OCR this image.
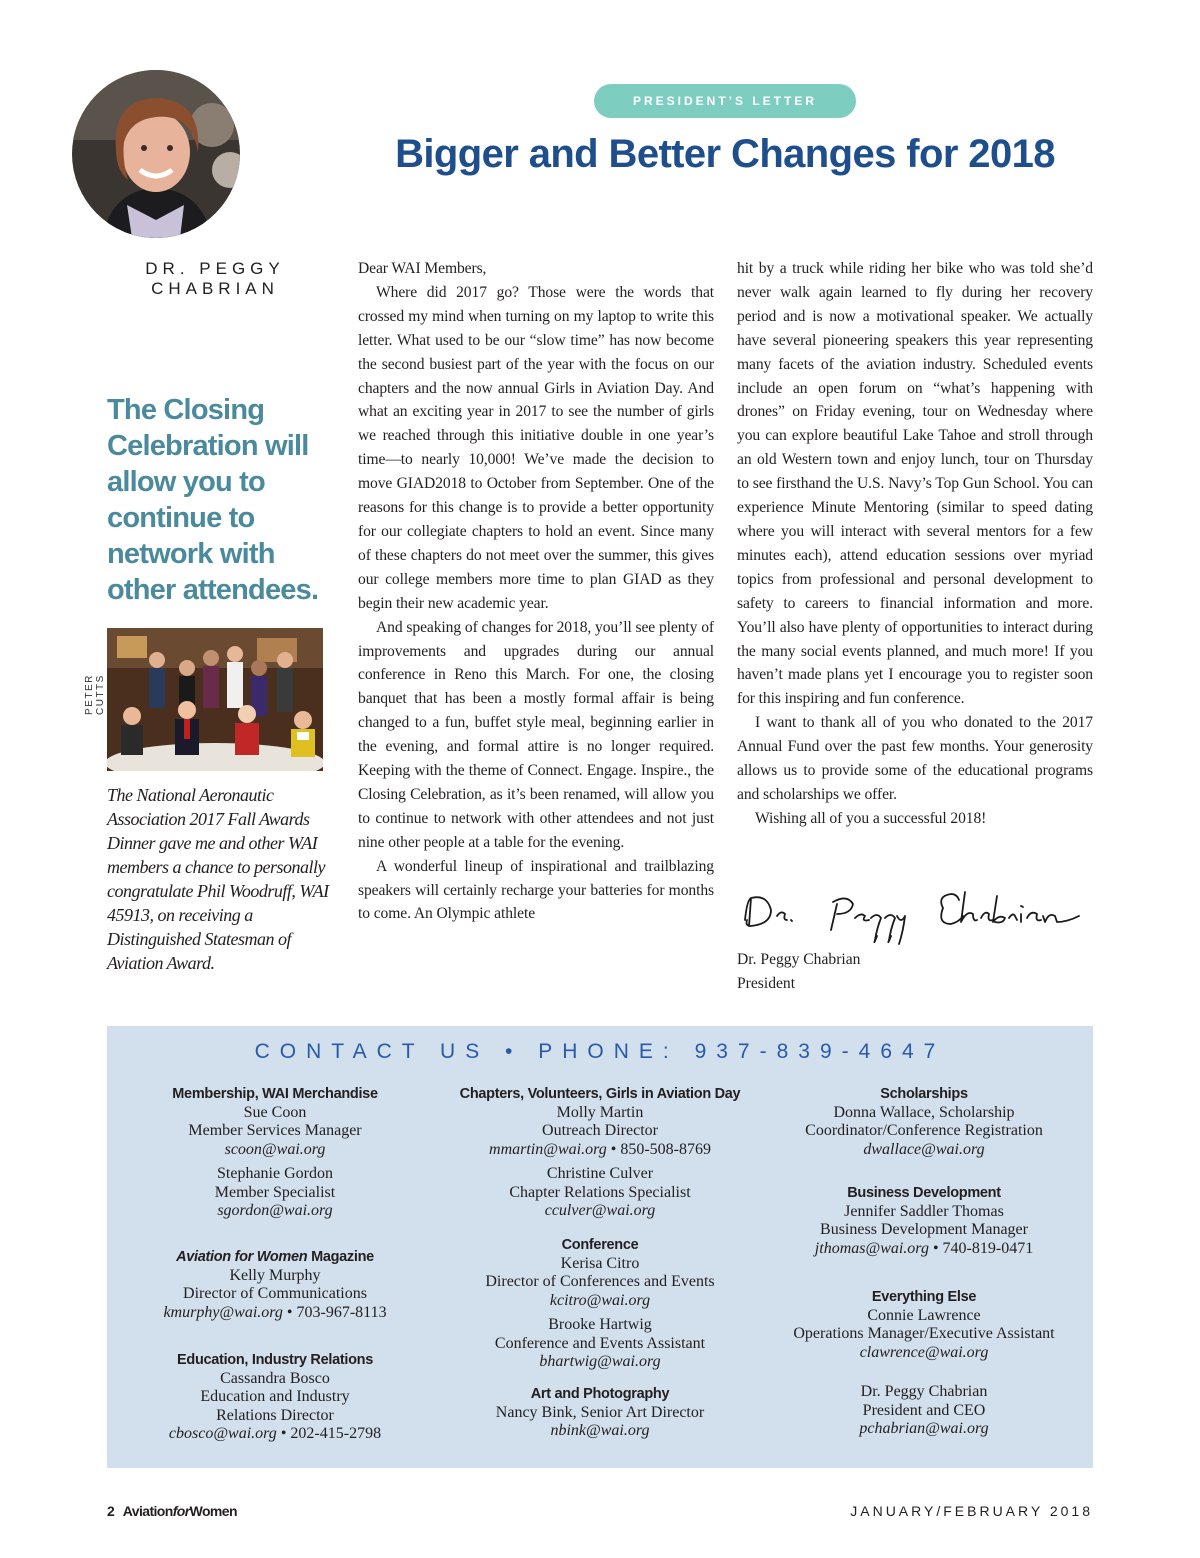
PRESIDENT’S LETTER
Bigger and Better Changes for 2018
DR. PEGGY CHABRIAN
The Closing Celebration will allow you to continue to network with other attendees.
PETER CUTTS
The National Aeronautic Association 2017 Fall Awards Dinner gave me and other WAI members a chance to personally congratulate Phil Woodruff, WAI 45913, on receiving a Distinguished Statesman of Aviation Award.

Dear WAI Members,

Where did 2017 go? Those were the words that crossed my mind when turning on my laptop to write this letter. What used to be our “slow time” has now become the second busiest part of the year with the focus on our chapters and the now annual Girls in Aviation Day. And what an exciting year in 2017 to see the number of girls we reached through this initiative double in one year’s time—to nearly 10,000! We’ve made the decision to move GIAD2018 to October from September. One of the reasons for this change is to provide a better opportunity for our collegiate chapters to hold an event. Since many of these chapters do not meet over the summer, this gives our college members more time to plan GIAD as they begin their new academic year.

And speaking of changes for 2018, you’ll see plenty of improvements and upgrades during our annual conference in Reno this March. For one, the closing banquet that has been a mostly formal affair is being changed to a fun, buffet style meal, beginning earlier in the evening, and formal attire is no longer required. Keeping with the theme of Connect. Engage. Inspire., the Closing Celebration, as it’s been renamed, will allow you to continue to network with other attendees and not just nine other people at a table for the evening.

A wonderful lineup of inspirational and trailblazing speakers will certainly recharge your batteries for months to come. An Olympic athlete

hit by a truck while riding her bike who was told she’d never walk again learned to fly during her recovery period and is now a motivational speaker. We actually have several pioneering speakers this year representing many facets of the aviation industry. Scheduled events include an open forum on “what’s happening with drones” on Friday evening, tour on Wednesday where you can explore beautiful Lake Tahoe and stroll through an old Western town and enjoy lunch, tour on Thursday to see firsthand the U.S. Navy’s Top Gun School. You can experience Minute Mentoring (similar to speed dating where you will interact with several mentors for a few minutes each), attend education sessions over myriad topics from professional and personal development to safety to careers to financial information and more. You’ll also have plenty of opportunities to interact during the many social events planned, and much more! If you haven’t made plans yet I encourage you to register soon for this inspiring and fun conference.

I want to thank all of you who donated to the 2017 Annual Fund over the past few months. Your generosity allows us to provide some of the educational programs and scholarships we offer.

Wishing all of you a successful 2018!

Dr. Peggy Chabrian
President
CONTACT US • PHONE: 937-839-4647
Membership, WAI Merchandise
Sue Coon
Member Services Manager
scoon@wai.org
Stephanie Gordon
Member Specialist
sgordon@wai.org
Aviation for Women Magazine
Kelly Murphy
Director of Communications
kmurphy@wai.org • 703-967-8113
Education, Industry Relations
Cassandra Bosco
Education and Industry
Relations Director
cbosco@wai.org • 202-415-2798
Chapters, Volunteers, Girls in Aviation Day
Molly Martin
Outreach Director
mmartin@wai.org • 850-508-8769
Christine Culver
Chapter Relations Specialist
cculver@wai.org
Conference
Kerisa Citro
Director of Conferences and Events
kcitro@wai.org
Brooke Hartwig
Conference and Events Assistant
bhartwig@wai.org
Art and Photography
Nancy Bink, Senior Art Director
nbink@wai.org
Scholarships
Donna Wallace, Scholarship
Coordinator/Conference Registration
dwallace@wai.org
Business Development
Jennifer Saddler Thomas
Business Development Manager
jthomas@wai.org • 740-819-0471
Everything Else
Connie Lawrence
Operations Manager/Executive Assistant
clawrence@wai.org
Dr. Peggy Chabrian
President and CEO
pchabrian@wai.org
2 AviationforWomen	JANUARY/FEBRUARY 2018
